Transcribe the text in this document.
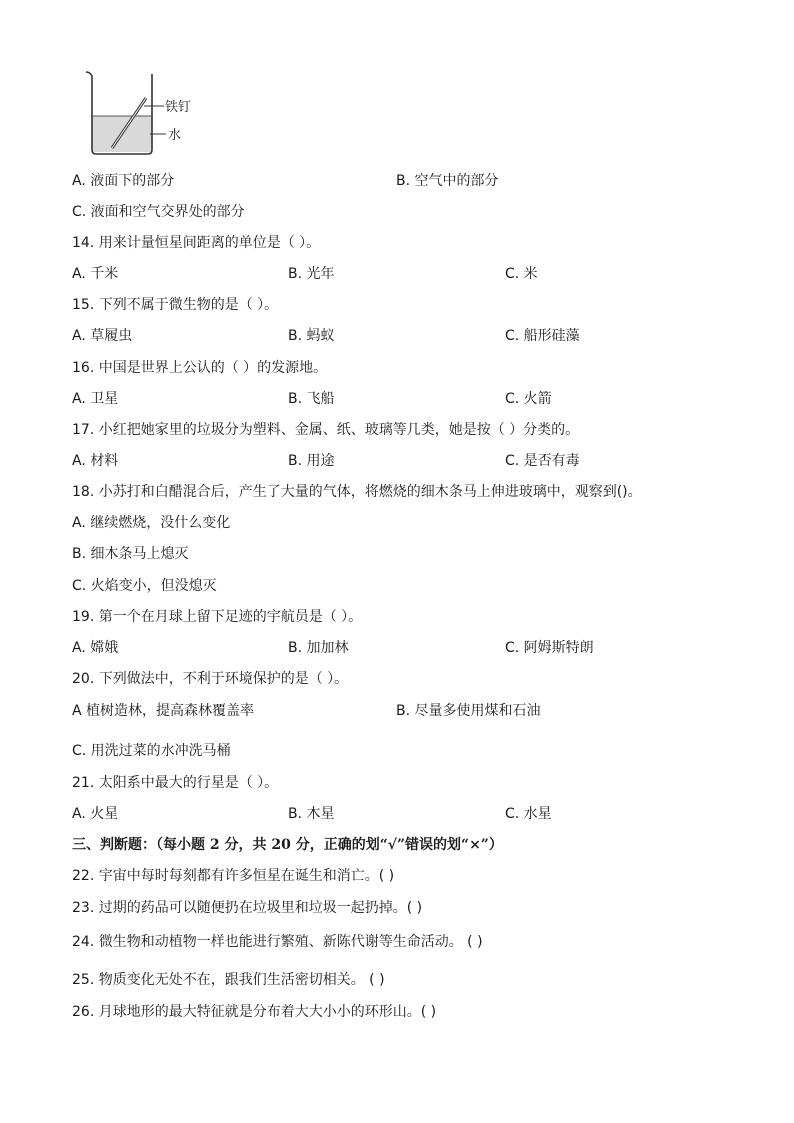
铁钉
水
A. 液面下的部分	B. 空气中的部分
C. 液面和空气交界处的部分
14. 用来计量恒星间距离的单位是（ ）。
A. 千米	B. 光年	C. 米
15. 下列不属于微生物的是（ ）。
A. 草履虫	B. 蚂蚁	C. 船形硅藻
16. 中国是世界上公认的（ ）的发源地。
A. 卫星	B. 飞船	C. 火箭
17. 小红把她家里的垃圾分为塑料、金属、纸、玻璃等几类，她是按（ ）分类的。
A. 材料	B. 用途	C. 是否有毒
18. 小苏打和白醋混合后，产生了大量的气体，将燃烧的细木条马上伸进玻璃中，观察到()。
A. 继续燃烧，没什么变化
B. 细木条马上熄灭
C. 火焰变小，但没熄灭
19. 第一个在月球上留下足迹的宇航员是（ ）。
A. 嫦娥	B. 加加林	C. 阿姆斯特朗
20. 下列做法中，不利于环境保护的是（ ）。
A 植树造林，提高森林覆盖率	B. 尽量多使用煤和石油
C. 用洗过菜的水冲洗马桶
21. 太阳系中最大的行星是（ ）。
A. 火星	B. 木星	C. 水星
三、判断题：（每小题 2 分，共 20 分，正确的划“√”错误的划“×”）
22. 宇宙中每时每刻都有许多恒星在诞生和消亡。( )
23. 过期的药品可以随便扔在垃圾里和垃圾一起扔掉。( )
24. 微生物和动植物一样也能进行繁殖、新陈代谢等生命活动。 ( )
25. 物质变化无处不在，跟我们生活密切相关。 ( )
26. 月球地形的最大特征就是分布着大大小小的环形山。( )
